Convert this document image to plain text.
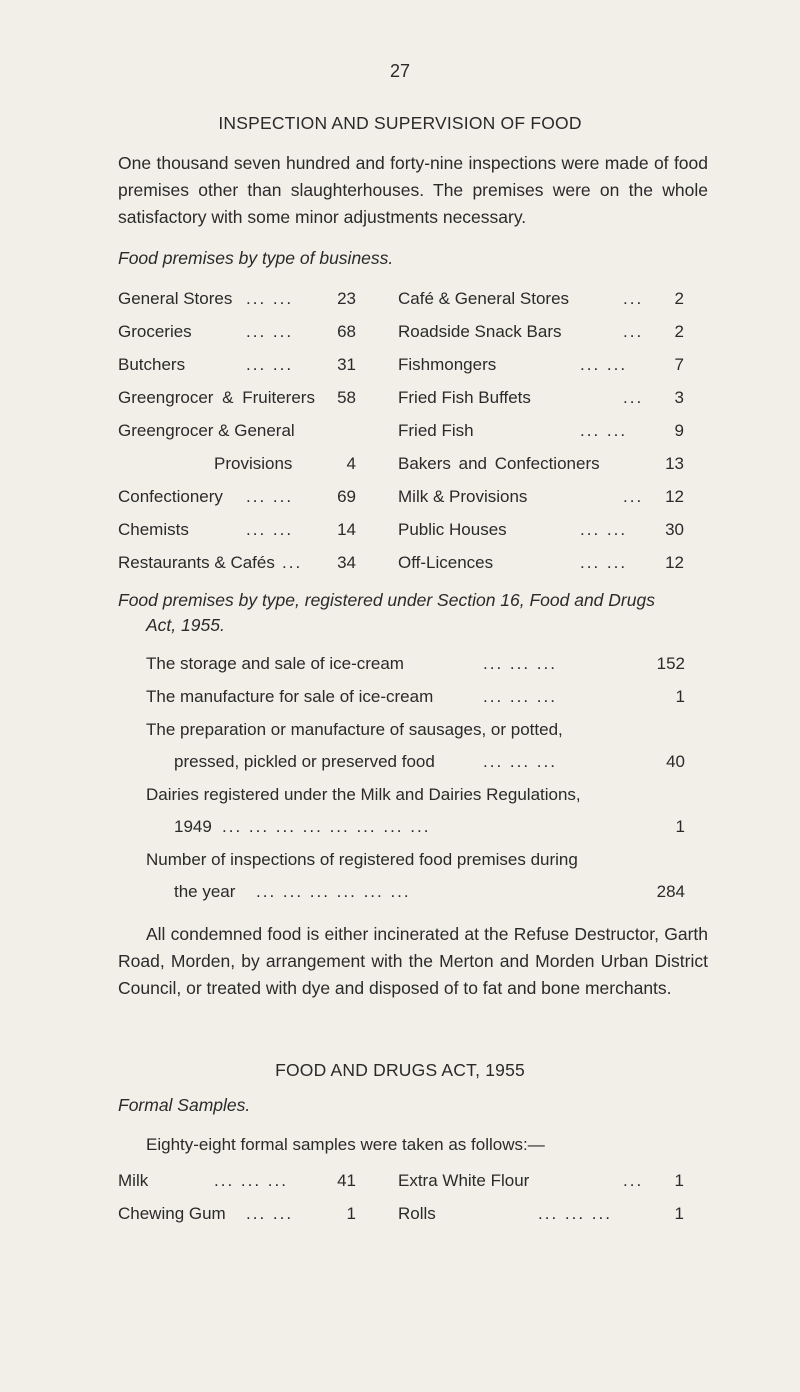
27
INSPECTION AND SUPERVISION OF FOOD
One thousand seven hundred and forty-nine inspections were made of food premises other than slaughterhouses. The premises were on the whole satisfactory with some minor adjustments necessary.
Food premises by type of business.
General Stores ... ...	23
Groceries	... ...	68
Butchers	... ...	31
Greengrocer & Fruiterers	58
Greengrocer & General
Provisions	4
Confectionery ... ...	69
Chemists	... ...	14
Restaurants & Cafés ...	34
Café & General Stores	...	2
Roadside Snack Bars	...	2
Fishmongers	... ...	7
Fried Fish Buffets	...	3
Fried Fish	... ...	9
Bakers and Confectioners	13
Milk & Provisions	...	12
Public Houses	... ...	30
Off-Licences	... ...	12
Food premises by type, registered under Section 16, Food and Drugs
Act, 1955.
The storage and sale of ice-cream	... ... ...	152
The manufacture for sale of ice-cream	... ... ...	1
The preparation or manufacture of sausages, or potted,
pressed, pickled or preserved food	... ... ...	40
Dairies registered under the Milk and Dairies Regulations,
1949 ... ... ... ... ... ... ... ...	1
Number of inspections of registered food premises during
the year ... ... ... ... ... ...	284
All condemned food is either incinerated at the Refuse Destructor, Garth Road, Morden, by arrangement with the Merton and Morden Urban District Council, or treated with dye and disposed of to fat and bone merchants.
FOOD AND DRUGS ACT, 1955
Formal Samples.
Eighty-eight formal samples were taken as follows:—
Milk	... ... ...	41
Chewing Gum ... ...	1
Extra White Flour	...	1
Rolls	... ... ...	1
